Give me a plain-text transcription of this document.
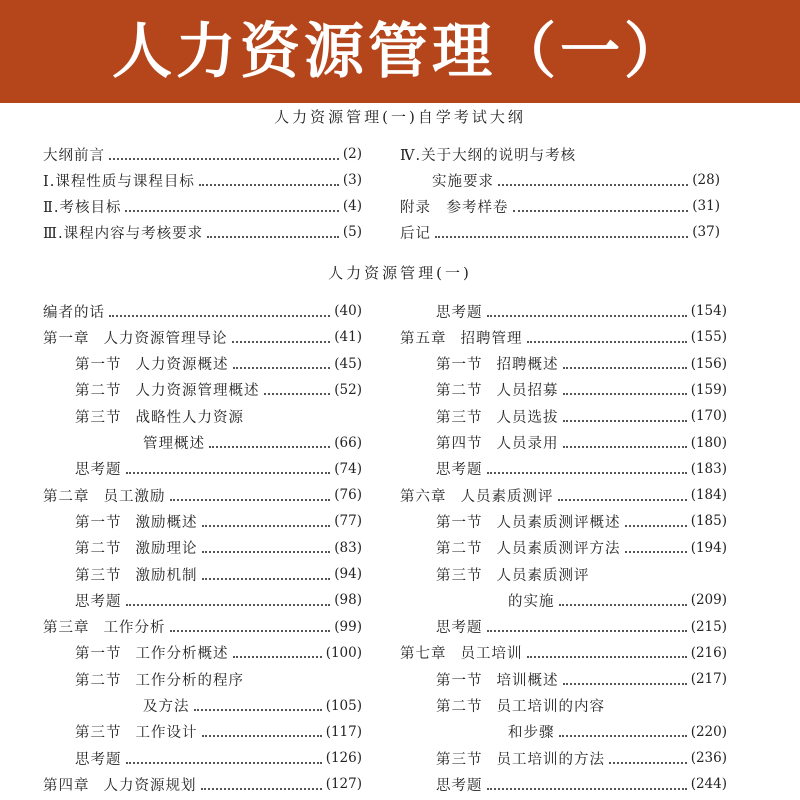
人力资源管理（一）
人力资源管理(一)自学考试大纲
人力资源管理(一)
大纲前言	(2)
Ⅰ.课程性质与课程目标	(3)
Ⅱ.考核目标	(4)
Ⅲ.课程内容与考核要求	(5)
Ⅳ.关于大纲的说明与考核
实施要求	(28)
附录　参考样卷	(31)
后记	(37)
编者的话	(40)
第一章 人力资源管理导论	(41)
第一节 人力资源概述	(45)
第二节 人力资源管理概述	(52)
第三节 战略性人力资源
管理概述	(66)
思考题	(74)
第二章 员工激励	(76)
第一节 激励概述	(77)
第二节 激励理论	(83)
第三节 激励机制	(94)
思考题	(98)
第三章 工作分析	(99)
第一节 工作分析概述	(100)
第二节 工作分析的程序
及方法	(105)
第三节 工作设计	(117)
思考题	(126)
第四章 人力资源规划	(127)
思考题	(154)
第五章 招聘管理	(155)
第一节 招聘概述	(156)
第二节 人员招募	(159)
第三节 人员选拔	(170)
第四节 人员录用	(180)
思考题	(183)
第六章 人员素质测评	(184)
第一节 人员素质测评概述	(185)
第二节 人员素质测评方法	(194)
第三节 人员素质测评
的实施	(209)
思考题	(215)
第七章 员工培训	(216)
第一节 培训概述	(217)
第二节 员工培训的内容
和步骤	(220)
第三节 员工培训的方法	(236)
思考题	(244)
